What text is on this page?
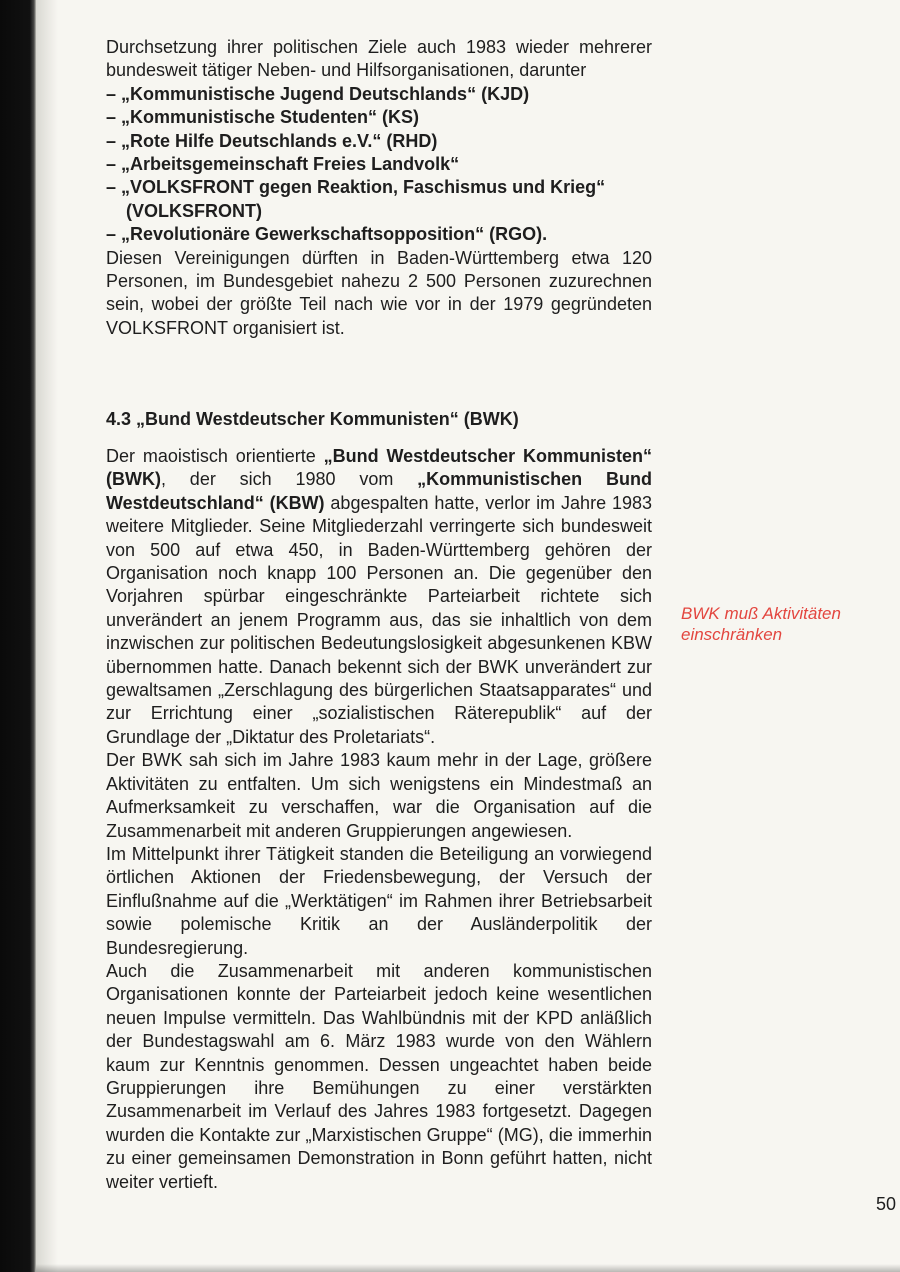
Durchsetzung ihrer politischen Ziele auch 1983 wieder mehrerer bundesweit tätiger Neben- und Hilfsorganisationen, darunter

– „Kommunistische Jugend Deutschlands“ (KJD)
– „Kommunistische Studenten“ (KS)
– „Rote Hilfe Deutschlands e.V.“ (RHD)
– „Arbeitsgemeinschaft Freies Landvolk“
– „VOLKSFRONT gegen Reaktion, Faschismus und Krieg“
(VOLKSFRONT)
– „Revolutionäre Gewerkschaftsopposition“ (RGO).

Diesen Vereinigungen dürften in Baden-Württemberg etwa 120 Personen, im Bundesgebiet nahezu 2 500 Personen zuzurechnen sein, wobei der größte Teil nach wie vor in der 1979 gegründeten VOLKSFRONT organisiert ist.

4.3 „Bund Westdeutscher Kommunisten“ (BWK)

Der maoistisch orientierte „Bund Westdeutscher Kommunisten“ (BWK), der sich 1980 vom „Kommunistischen Bund Westdeutschland“ (KBW) abgespalten hatte, verlor im Jahre 1983 weitere Mitglieder. Seine Mitgliederzahl verringerte sich bundesweit von 500 auf etwa 450, in Baden-Württemberg gehören der Organisation noch knapp 100 Personen an. Die gegenüber den Vorjahren spürbar eingeschränkte Parteiarbeit richtete sich unverändert an jenem Programm aus, das sie inhaltlich von dem inzwischen zur politischen Bedeutungslosigkeit abgesunkenen KBW übernommen hatte. Danach bekennt sich der BWK unverändert zur gewaltsamen „Zerschlagung des bürgerlichen Staatsapparates“ und zur Errichtung einer „sozialistischen Räterepublik“ auf der Grundlage der „Diktatur des Proletariats“.

Der BWK sah sich im Jahre 1983 kaum mehr in der Lage, größere Aktivitäten zu entfalten. Um sich wenigstens ein Mindestmaß an Aufmerksamkeit zu verschaffen, war die Organisation auf die Zusammenarbeit mit anderen Gruppierungen angewiesen.

Im Mittelpunkt ihrer Tätigkeit standen die Beteiligung an vorwiegend örtlichen Aktionen der Friedensbewegung, der Versuch der Einflußnahme auf die „Werktätigen“ im Rahmen ihrer Betriebsarbeit sowie polemische Kritik an der Ausländerpolitik der Bundesregierung.

Auch die Zusammenarbeit mit anderen kommunistischen Organisationen konnte der Parteiarbeit jedoch keine wesentlichen neuen Impulse vermitteln. Das Wahlbündnis mit der KPD anläßlich der Bundestagswahl am 6. März 1983 wurde von den Wählern kaum zur Kenntnis genommen. Dessen ungeachtet haben beide Gruppierungen ihre Bemühungen zu einer verstärkten Zusammenarbeit im Verlauf des Jahres 1983 fortgesetzt. Dagegen wurden die Kontakte zur „Marxistischen Gruppe“ (MG), die immerhin zu einer gemeinsamen Demonstration in Bonn geführt hatten, nicht weiter vertieft.

BWK muß Aktivitäten einschränken
50
